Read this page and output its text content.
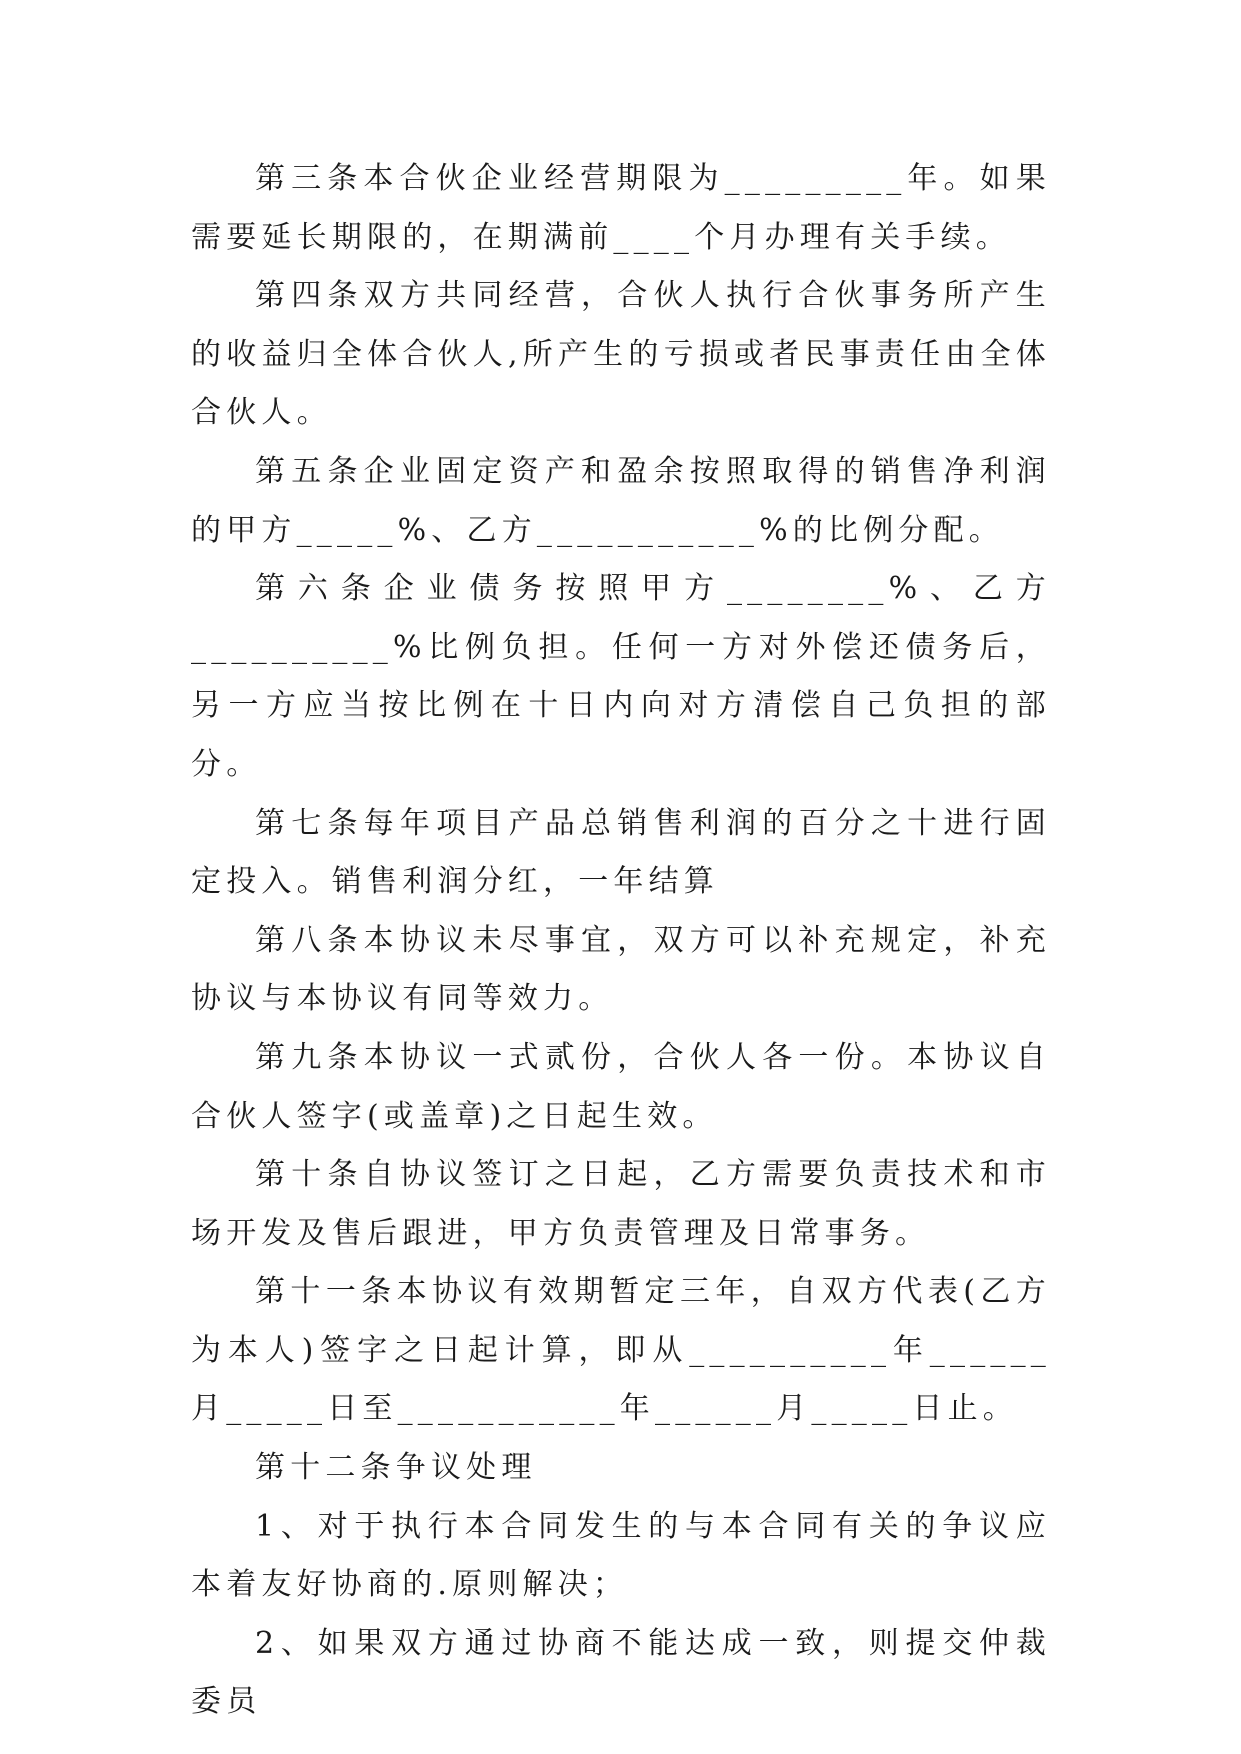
第三条本合伙企业经营期限为_________年。如果需要延长期限的，在期满前____个月办理有关手续。

第四条双方共同经营，合伙人执行合伙事务所产生的收益归全体合伙人,所产生的亏损或者民事责任由全体合伙人。

第五条企业固定资产和盈余按照取得的销售净利润的甲方_____%、乙方___________%的比例分配。

第六条企业债务按照甲方________%、乙方__________%比例负担。任何一方对外偿还债务后，另一方应当按比例在十日内向对方清偿自己负担的部分。

第七条每年项目产品总销售利润的百分之十进行固定投入。销售利润分红，一年结算

第八条本协议未尽事宜，双方可以补充规定，补充协议与本协议有同等效力。

第九条本协议一式贰份，合伙人各一份。本协议自合伙人签字(或盖章)之日起生效。

第十条自协议签订之日起，乙方需要负责技术和市场开发及售后跟进，甲方负责管理及日常事务。

第十一条本协议有效期暂定三年，自双方代表(乙方为本人)签字之日起计算，即从__________年______月_____日至___________年______月_____日止。

第十二条争议处理

1、对于执行本合同发生的与本合同有关的争议应本着友好协商的.原则解决；

2、如果双方通过协商不能达成一致，则提交仲裁委员
